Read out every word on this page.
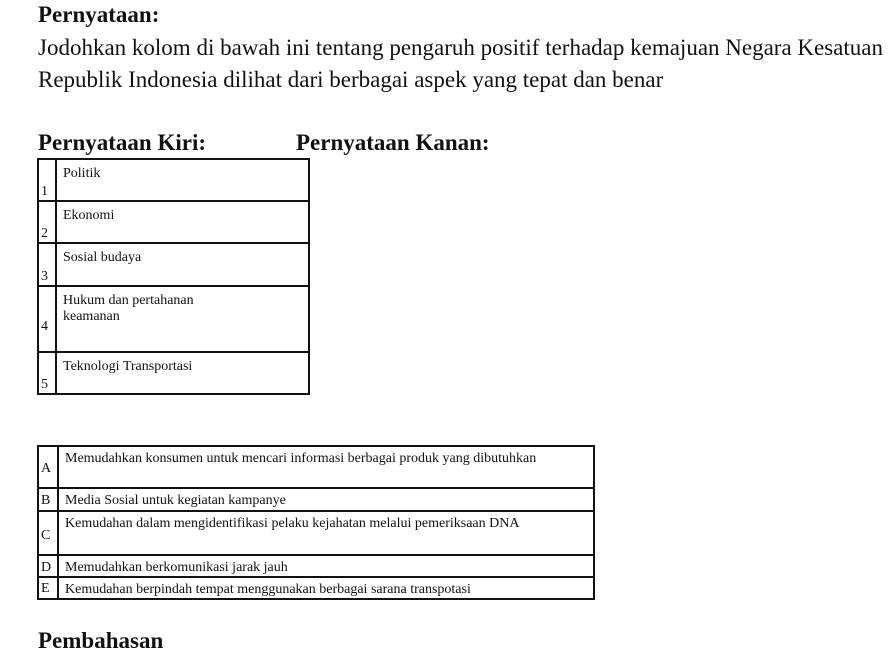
Pernyataan:
Jodohkan kolom di bawah ini tentang pengaruh positif terhadap kemajuan Negara Kesatuan Republik Indonesia dilihat dari berbagai aspek yang tepat dan benar
Pernyataan Kiri:	Pernyataan Kanan:
1	Politik
2	Ekonomi
3	Sosial budaya
4	Hukum dan pertahanan keamanan
5	Teknologi Transportasi
A	Memudahkan konsumen untuk mencari informasi berbagai produk yang dibutuhkan
B	Media Sosial untuk kegiatan kampanye
C	Kemudahan dalam mengidentifikasi pelaku kejahatan melalui pemeriksaan DNA
D	Memudahkan berkomunikasi jarak jauh
E	Kemudahan berpindah tempat menggunakan berbagai sarana transpotasi
Pembahasan
